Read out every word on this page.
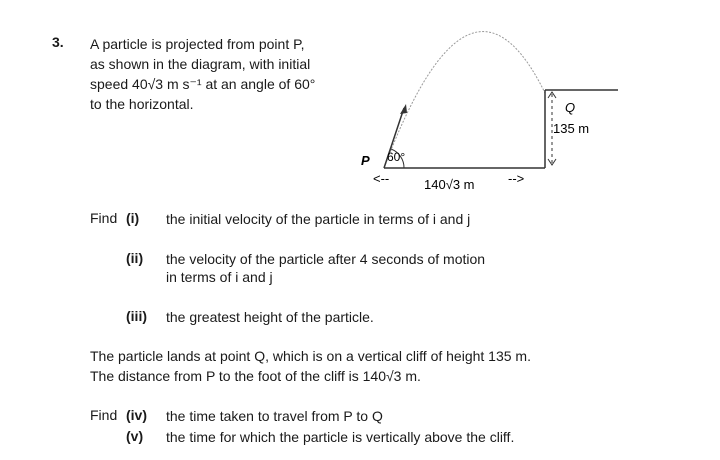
3. A particle is projected from point P,

as shown in the diagram, with initial

speed 40√3 m s⁻¹ at an angle of 60°

to the horizontal.

P 60°
Q
135 m
140√3 m
<--	-->
Find (i) the initial velocity of the particle in terms of i and j
(ii) the velocity of the particle after 4 seconds of motion
in terms of i and j
(iii) the greatest height of the particle.

The particle lands at point Q, which is on a vertical cliff of height 135 m.

The distance from P to the foot of the cliff is 140√3 m.

Find (iv) the time taken to travel from P to Q
(v) the time for which the particle is vertically above the cliff.
